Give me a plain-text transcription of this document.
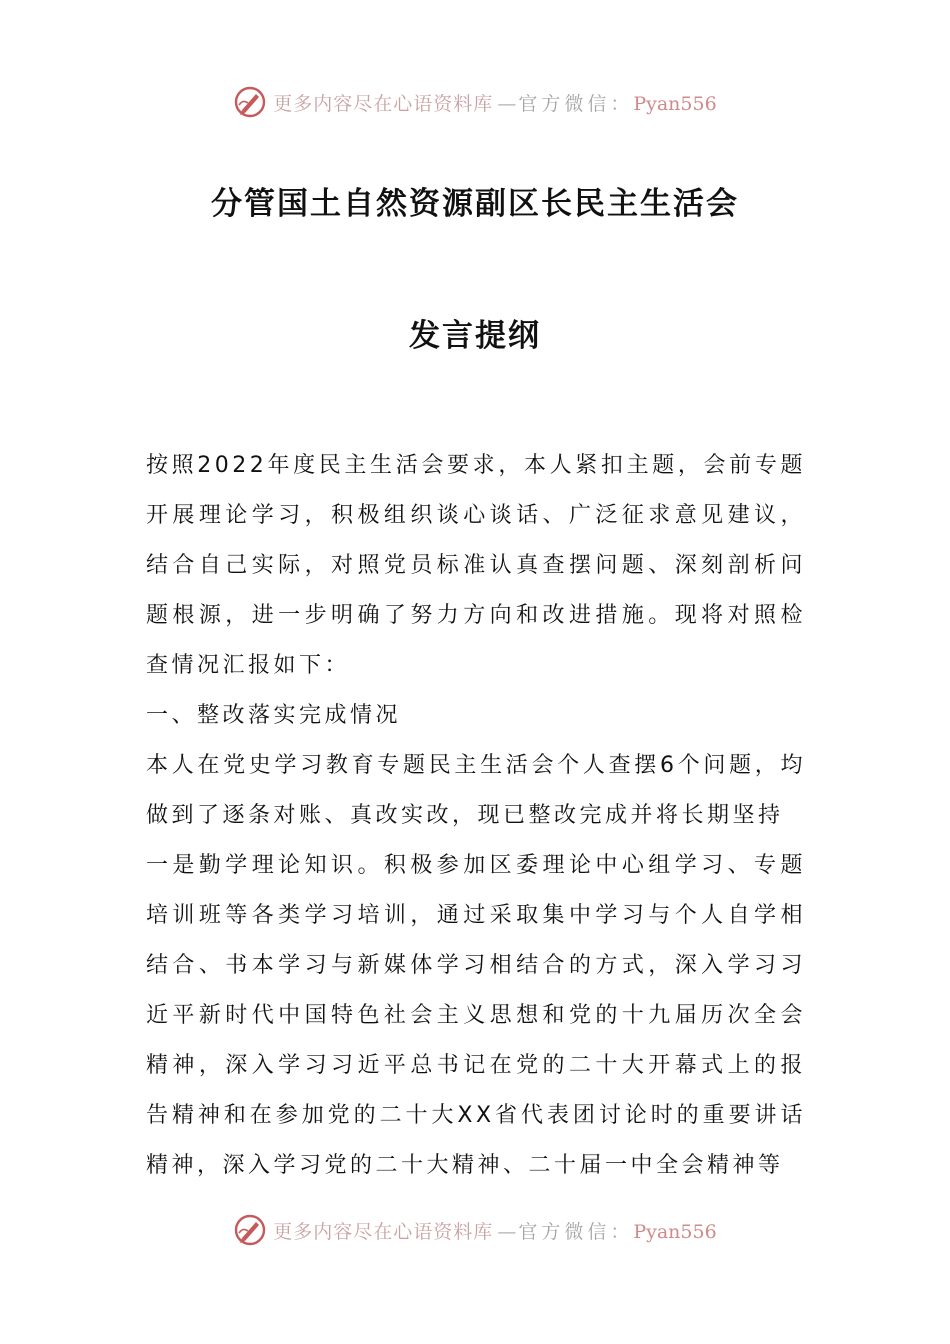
更多内容尽在心语资料库 — 官方微信：Pyan556
分管国土自然资源副区长民主生活会
发言提纲

按照2022年度民主生活会要求，本人紧扣主题，会前专题开展理论学习，积极组织谈心谈话、广泛征求意见建议，结合自己实际，对照党员标准认真查摆问题、深刻剖析问题根源，进一步明确了努力方向和改进措施。现将对照检查情况汇报如下：

一、整改落实完成情况

本人在党史学习教育专题民主生活会个人查摆6个问题，均做到了逐条对账、真改实改，现已整改完成并将长期坚持

一是勤学理论知识。积极参加区委理论中心组学习、专题培训班等各类学习培训，通过采取集中学习与个人自学相结合、书本学习与新媒体学习相结合的方式，深入学习习近平新时代中国特色社会主义思想和党的十九届历次全会精神，深入学习习近平总书记在党的二十大开幕式上的报告精神和在参加党的二十大XX省代表团讨论时的重要讲话精神，深入学习党的二十大精神、二十届一中全会精神等

更多内容尽在心语资料库 — 官方微信：Pyan556
